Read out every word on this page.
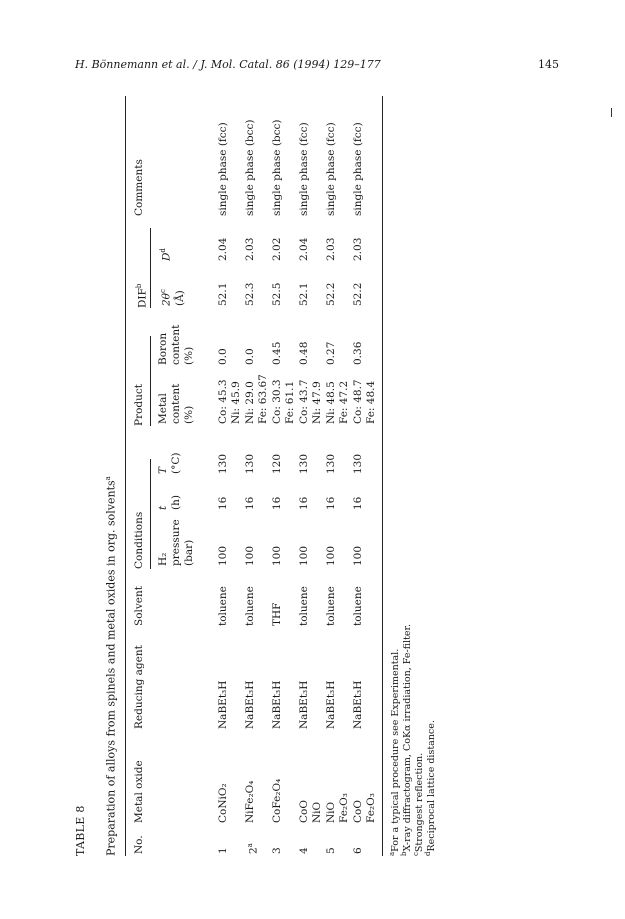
H. Bönnemann et al. / J. Mol. Catal. 86 (1994) 129–177	145
TABLE 8 Preparation of alloys from spinels and metal oxides in org. solvents$^a$
No.
Metal oxide
Reducing agent
Solvent
Conditions
Product
DIF$^b$
Comments
H₂ pressure (bar)
t (h)
T (°C)
Metal content (%)
Boron content (%)
$2\theta^c$ (Å)
$D^d$
1
CoNiO₂
NaBEt₃H
toluene
100
16
130
Co: 45.3 Ni: 45.9
0.0
52.1
2.04
single phase (fcc)
2$^a$
NiFe₂O₄
NaBEt₃H
toluene
100
16
130
Ni: 29.0 Fe: 63.67
0.0
52.3
2.03
single phase (bcc)
3
CoFe₂O₄
NaBEt₃H
THF
100
16
120
Co: 30.3 Fe: 61.1
0.45
52.5
2.02
single phase (bcc)
4
CoO NiO
NaBEt₃H
toluene
100
16
130
Co: 43.7 Ni: 47.9
0.48
52.1
2.04
single phase (fcc)
5
NiO Fe₂O₃
NaBEt₃H
toluene
100
16
130
Ni: 48.5 Fe: 47.2
0.27
52.2
2.03
single phase (fcc)
6
CoO Fe₂O₃
NaBEt₃H
toluene
100
16
130
Co: 48.7 Fe: 48.4
0.36
52.2
2.03
single phase (fcc)
$^a$For a typical procedure see Experimental.
$^b$X-ray diffractogram, CoKα irradiation, Fe-filter.
$^c$Strongest reflection.
$^d$Reciprocal lattice distance.
